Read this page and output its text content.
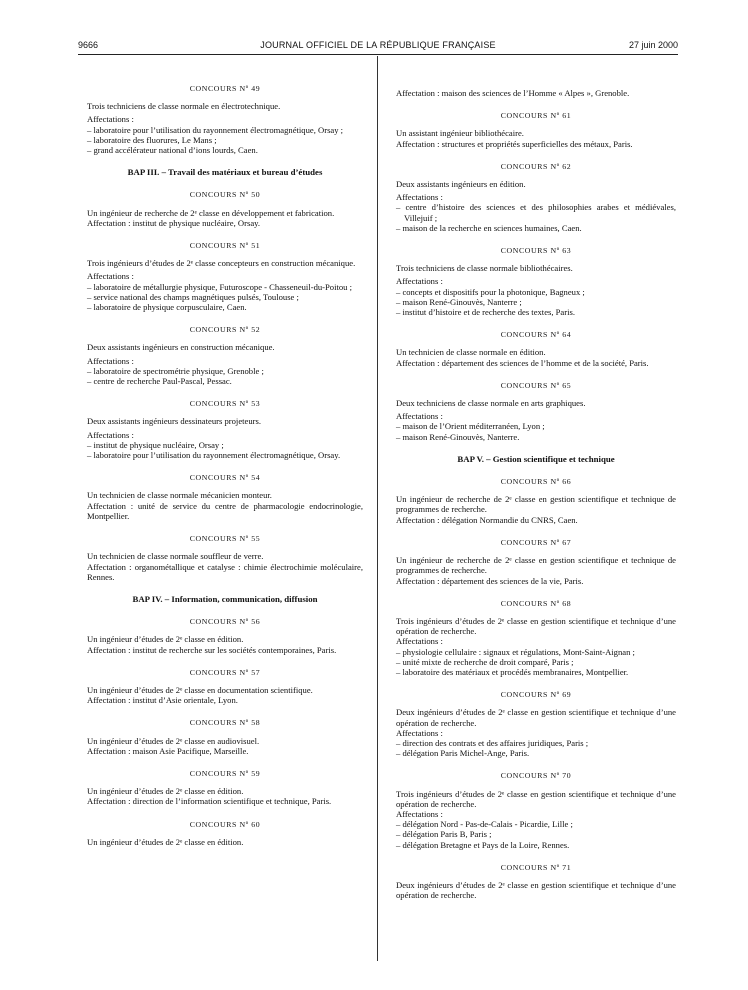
9666	JOURNAL OFFICIEL DE LA RÉPUBLIQUE FRANÇAISE	27 juin 2000
CONCOURS Nº 49

Trois techniciens de classe normale en électrotechnique.

Affectations :

– laboratoire pour l’utilisation du rayonnement électromagnétique, Orsay ;

– laboratoire des fluorures, Le Mans ;

– grand accélérateur national d’ions lourds, Caen.

BAP III. – Travail des matériaux et bureau d’études
CONCOURS Nº 50

Un ingénieur de recherche de 2ᵉ classe en développement et fabrication.

Affectation : institut de physique nucléaire, Orsay.

CONCOURS Nº 51

Trois ingénieurs d’études de 2ᵉ classe concepteurs en construction mécanique.

Affectations :

– laboratoire de métallurgie physique, Futuroscope - Chasseneuil-du-Poitou ;

– service national des champs magnétiques pulsés, Toulouse ;

– laboratoire de physique corpusculaire, Caen.

CONCOURS Nº 52

Deux assistants ingénieurs en construction mécanique.

Affectations :

– laboratoire de spectrométrie physique, Grenoble ;

– centre de recherche Paul-Pascal, Pessac.

CONCOURS Nº 53

Deux assistants ingénieurs dessinateurs projeteurs.

Affectations :

– institut de physique nucléaire, Orsay ;

– laboratoire pour l’utilisation du rayonnement électromagnétique, Orsay.

CONCOURS Nº 54

Un technicien de classe normale mécanicien monteur.

Affectation : unité de service du centre de pharmacologie endocrinologie, Montpellier.

CONCOURS Nº 55

Un technicien de classe normale souffleur de verre.

Affectation : organométallique et catalyse : chimie électrochimie moléculaire, Rennes.

BAP IV. – Information, communication, diffusion
CONCOURS Nº 56

Un ingénieur d’études de 2ᵉ classe en édition.

Affectation : institut de recherche sur les sociétés contemporaines, Paris.

CONCOURS Nº 57

Un ingénieur d’études de 2ᵉ classe en documentation scientifique.

Affectation : institut d’Asie orientale, Lyon.

CONCOURS Nº 58

Un ingénieur d’études de 2ᵉ classe en audiovisuel.

Affectation : maison Asie Pacifique, Marseille.

CONCOURS Nº 59

Un ingénieur d’études de 2ᵉ classe en édition.

Affectation : direction de l’information scientifique et technique, Paris.

CONCOURS Nº 60

Un ingénieur d’études de 2ᵉ classe en édition.

Affectation : maison des sciences de l’Homme « Alpes », Grenoble.

CONCOURS Nº 61

Un assistant ingénieur bibliothécaire.

Affectation : structures et propriétés superficielles des métaux, Paris.

CONCOURS Nº 62

Deux assistants ingénieurs en édition.

Affectations :

– centre d’histoire des sciences et des philosophies arabes et médiévales, Villejuif ;

– maison de la recherche en sciences humaines, Caen.

CONCOURS Nº 63

Trois techniciens de classe normale bibliothécaires.

Affectations :

– concepts et dispositifs pour la photonique, Bagneux ;

– maison René-Ginouvès, Nanterre ;

– institut d’histoire et de recherche des textes, Paris.

CONCOURS Nº 64

Un technicien de classe normale en édition.

Affectation : département des sciences de l’homme et de la société, Paris.

CONCOURS Nº 65

Deux techniciens de classe normale en arts graphiques.

Affectations :

– maison de l’Orient méditerranéen, Lyon ;

– maison René-Ginouvès, Nanterre.

BAP V. – Gestion scientifique et technique
CONCOURS Nº 66

Un ingénieur de recherche de 2ᵉ classe en gestion scientifique et technique de programmes de recherche.

Affectation : délégation Normandie du CNRS, Caen.

CONCOURS Nº 67

Un ingénieur de recherche de 2ᵉ classe en gestion scientifique et technique de programmes de recherche.

Affectation : département des sciences de la vie, Paris.

CONCOURS Nº 68

Trois ingénieurs d’études de 2ᵉ classe en gestion scientifique et technique d’une opération de recherche.

Affectations :

– physiologie cellulaire : signaux et régulations, Mont-Saint-Aignan ;

– unité mixte de recherche de droit comparé, Paris ;

– laboratoire des matériaux et procédés membranaires, Montpellier.

CONCOURS Nº 69

Deux ingénieurs d’études de 2ᵉ classe en gestion scientifique et technique d’une opération de recherche.

Affectations :

– direction des contrats et des affaires juridiques, Paris ;

– délégation Paris Michel-Ange, Paris.

CONCOURS Nº 70

Trois ingénieurs d’études de 2ᵉ classe en gestion scientifique et technique d’une opération de recherche.

Affectations :

– délégation Nord - Pas-de-Calais - Picardie, Lille ;

– délégation Paris B, Paris ;

– délégation Bretagne et Pays de la Loire, Rennes.

CONCOURS Nº 71

Deux ingénieurs d’études de 2ᵉ classe en gestion scientifique et technique d’une opération de recherche.
